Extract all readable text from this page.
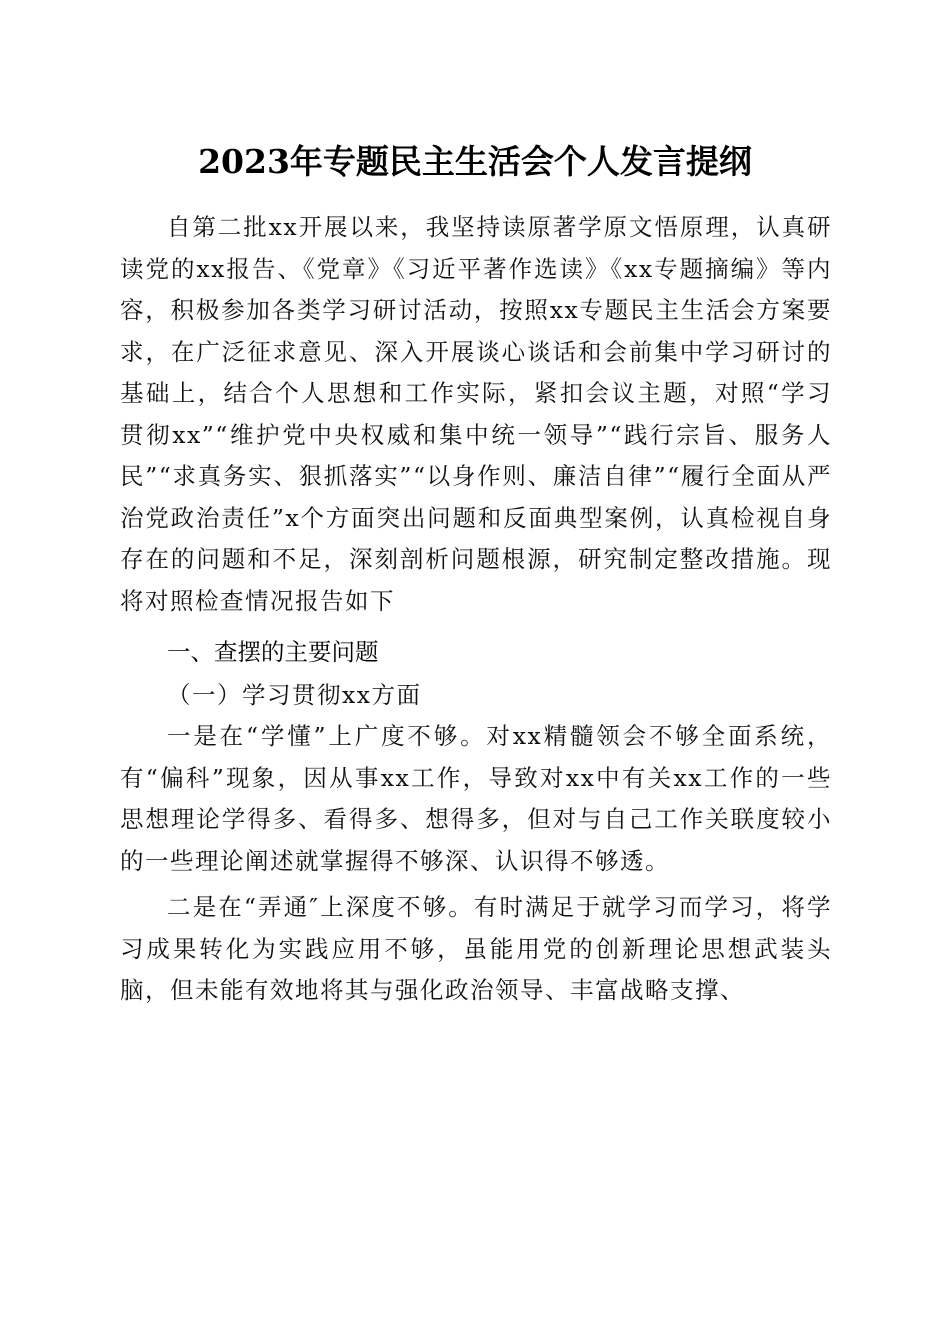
2023年专题民主生活会个人发言提纲

自第二批xx开展以来，我坚持读原著学原文悟原理，认真研读党的xx报告、《党章》《习近平著作选读》《xx专题摘编》等内容，积极参加各类学习研讨活动，按照xx专题民主生活会方案要求，在广泛征求意见、深入开展谈心谈话和会前集中学习研讨的基础上，结合个人思想和工作实际，紧扣会议主题，对照“学习贯彻xx”“维护党中央权威和集中统一领导”“践行宗旨、服务人民”“求真务实、狠抓落实”“以身作则、廉洁自律”“履行全面从严治党政治责任”x个方面突出问题和反面典型案例，认真检视自身存在的问题和不足，深刻剖析问题根源，研究制定整改措施。现将对照检查情况报告如下

一、查摆的主要问题
（一）学习贯彻xx方面

一是在“学懂”上广度不够。对xx精髓领会不够全面系统，有“偏科”现象，因从事xx工作，导致对xx中有关xx工作的一些思想理论学得多、看得多、想得多，但对与自己工作关联度较小的一些理论阐述就掌握得不够深、认识得不够透。

二是在“弄通″上深度不够。有时满足于就学习而学习，将学习成果转化为实践应用不够，虽能用党的创新理论思想武装头脑，但未能有效地将其与强化政治领导、丰富战略支撑、
